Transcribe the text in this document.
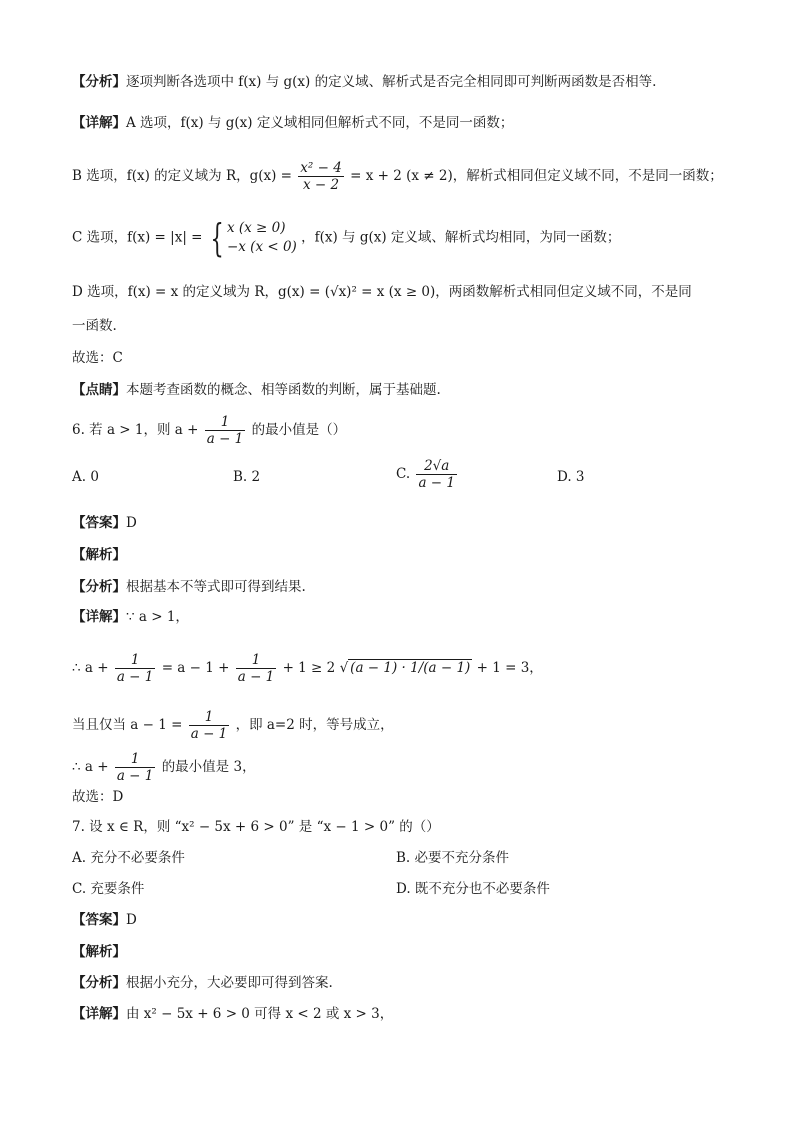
【分析】逐项判断各选项中 f(x) 与 g(x) 的定义域、解析式是否完全相同即可判断两函数是否相等.
【详解】A 选项，f(x) 与 g(x) 定义域相同但解析式不同，不是同一函数；
B 选项，f(x) 的定义域为 R，$g(x) = \frac{\text{x² − 4}}{x - 2} = x + 2$ (x ≠ 2)，解析式相同但定义域不同，不是同一函数；
C 选项，f(x) = |x| = { x (x ≥ 0)
−x (x < 0)
，f(x) 与 g(x) 定义域、解析式均相同，为同一函数；
D 选项，f(x) = x 的定义域为 R，g(x) = (√x)² = x (x ≥ 0)，两函数解析式相同但定义域不同，不是同
一函数.
故选：C
【点睛】本题考查函数的概念、相等函数的判断，属于基础题.
6. 若 a > 1，则 $a + \frac{1}{a - 1}$ 的最小值是（）
A. 0	B. 2	C. $\frac{2√a}{a - 1}$	D. 3
【答案】D
【解析】
【分析】根据基本不等式即可得到结果.
【详解】∵ a > 1，
∴ $a + \frac{1}{a - 1} = a - 1 + \frac{1}{a - 1} + 1 \ge 2$ √ (a − 1) · 1/(a − 1) + 1 = 3，
当且仅当 $a - 1 = \frac{1}{a - 1}$ ，即 a=2 时，等号成立，
∴ $a + \frac{1}{a - 1}$ 的最小值是 3，
故选：D
7. 设 x ∈ R，则 “x² − 5x + 6 > 0” 是 “x − 1 > 0” 的（）
A. 充分不必要条件	B. 必要不充分条件
C. 充要条件	D. 既不充分也不必要条件
【答案】D
【解析】
【分析】根据小充分，大必要即可得到答案.
【详解】由 x² − 5x + 6 > 0 可得 x < 2 或 x > 3，
